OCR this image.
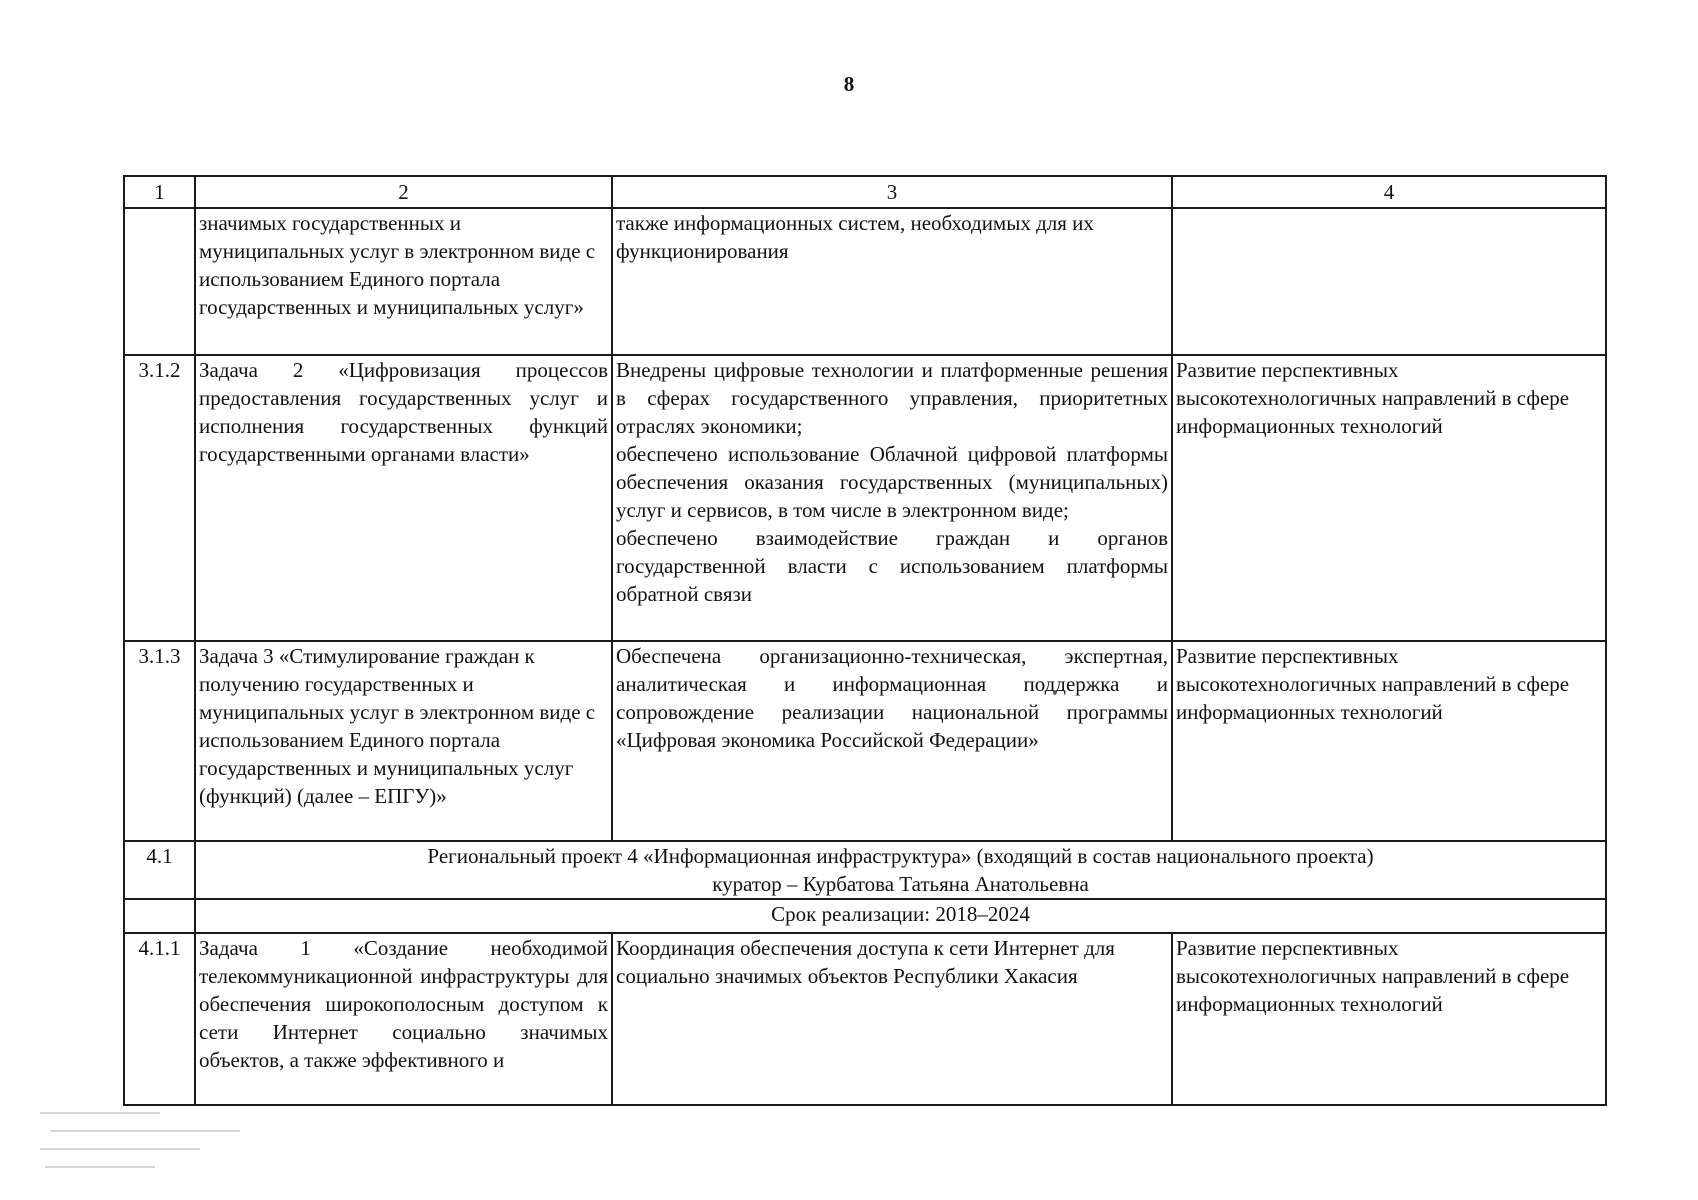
8
1	2	3	4
	значимых государственных и муниципальных услуг в электронном виде с использованием Единого портала государственных и муниципальных услуг»	также информационных систем, необходимых для их функционирования	
3.1.2	Задача 2 «Цифровизация процессов предоставления государственных услуг и исполнения государственных функций государственными органами власти»	Внедрены цифровые технологии и платформенные решения в сферах государственного управления, приоритетных отраслях экономики;
обеспечено использование Облачной цифровой платформы обеспечения оказания государственных (муниципальных) услуг и сервисов, в том числе в электронном виде;
обеспечено взаимодействие граждан и органов государственной власти с использованием платформы обратной связи	Развитие перспективных высокотехнологичных направлений в сфере информационных технологий
3.1.3	Задача 3 «Стимулирование граждан к получению государственных и муниципальных услуг в электронном виде с использованием Единого портала государственных и муниципальных услуг (функций) (далее – ЕПГУ)»	Обеспечена организационно-техническая, экспертная, аналитическая и информационная поддержка и сопровождение реализации национальной программы «Цифровая экономика Российской Федерации»	Развитие перспективных высокотехнологичных направлений в сфере информационных технологий
4.1	Региональный проект 4 «Информационная инфраструктура» (входящий в состав национального проекта)
куратор – Курбатова Татьяна Анатольевна		

	Срок реализации: 2018–2024		
4.1.1	Задача 1 «Создание необходимой телекоммуникационной инфраструктуры для обеспечения широкополосным доступом к сети Интернет социально значимых объектов, а также эффективного и	Координация обеспечения доступа к сети Интернет для социально значимых объектов Республики Хакасия	Развитие перспективных высокотехнологичных направлений в сфере информационных технологий
